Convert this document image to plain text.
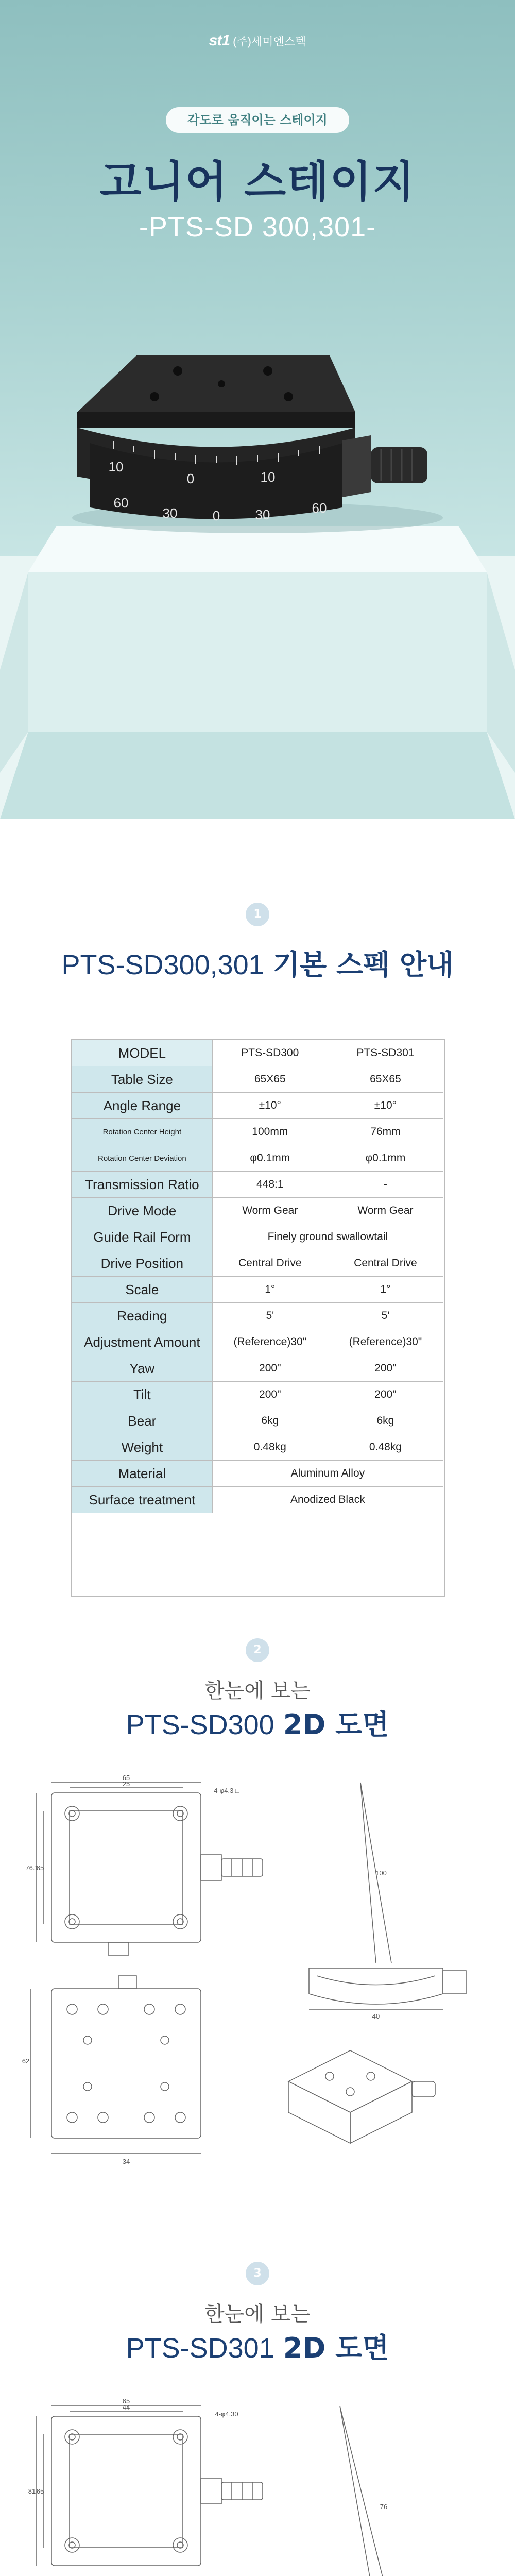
st1 (주)세미엔스텍
각도로 움직이는 스테이지
고니어 스테이지
-PTS-SD 300,301-
10
0	10
60
30	0	30	60
1
PTS-SD300,301 기본 스펙 안내
MODEL	PTS-SD300	PTS-SD301
Table Size	65X65	65X65
Angle Range	±10°	±10°
Rotation Center Height	100mm	76mm
Rotation Center Deviation	φ0.1mm	φ0.1mm
Transmission Ratio	448:1	-
Drive Mode	Worm Gear	Worm Gear
Guide Rail Form	Finely ground swallowtail	
Drive Position	Central Drive	Central Drive
Scale	1°	1°
Reading	5'	5'
Adjustment Amount	(Reference)30"	(Reference)30"
Yaw	200"	200"
Tilt	200"	200"
Bear	6kg	6kg
Weight	0.48kg	0.48kg
Material	Aluminum Alloy	
Surface treatment	Anodized Black	
2
한눈에 보는
PTS-SD300 2D 도면
65
25
76.1
65
4-φ4.3 □
34
62
40
100
3
한눈에 보는
PTS-SD301 2D 도면
65
44
81 65
4-φ4.30
76
